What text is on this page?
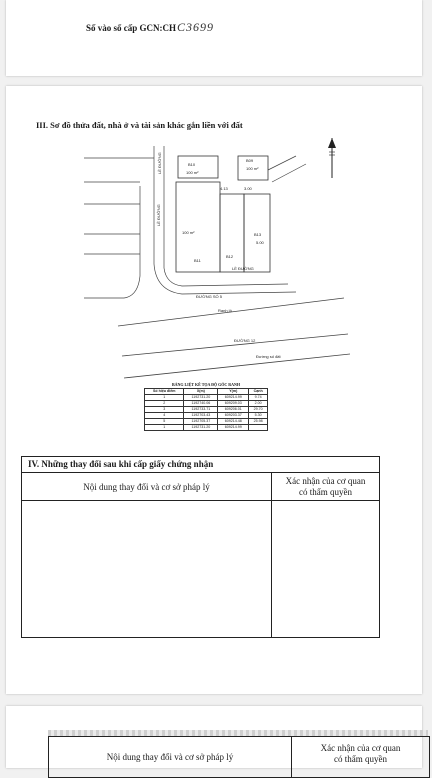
Số vào sổ cấp GCN:CHC3699
III. Sơ đồ thửa đất, nhà ở và tài sản khác gắn liền với đất
B10
100 m²
B09
100 m²
100 m²
B11
B12
B13
4.13	3.00
5.00
ĐƯỜNG SỐ 5
Ranh lộ
ĐƯỜNG 12
Đường số đất
LỀ ĐƯỜNG
LỀ ĐƯỜNG
LỀ ĐƯỜNG
BẢNG LIỆT KÊ TỌA ĐỘ GÓC RANH
Số hiệu điểm	X(m)	Y(m)	Cạnh
1	1192731.20	609214.99	9.74
2	1192740.06	609209.03	2.00
3	1192733.71	609206.01	29.70
4	1192703.43	609203.37	5.30
5	1192705.37	609214.48	25.98
1	1192731.20	609214.99	
IV. Những thay đổi sau khi cấp giấy chứng nhận
Nội dung thay đổi và cơ sở pháp lý
Xác nhận của cơ quan
có thẩm quyền
Nội dung thay đổi và cơ sở pháp lý
Xác nhận của cơ quan
có thẩm quyền
